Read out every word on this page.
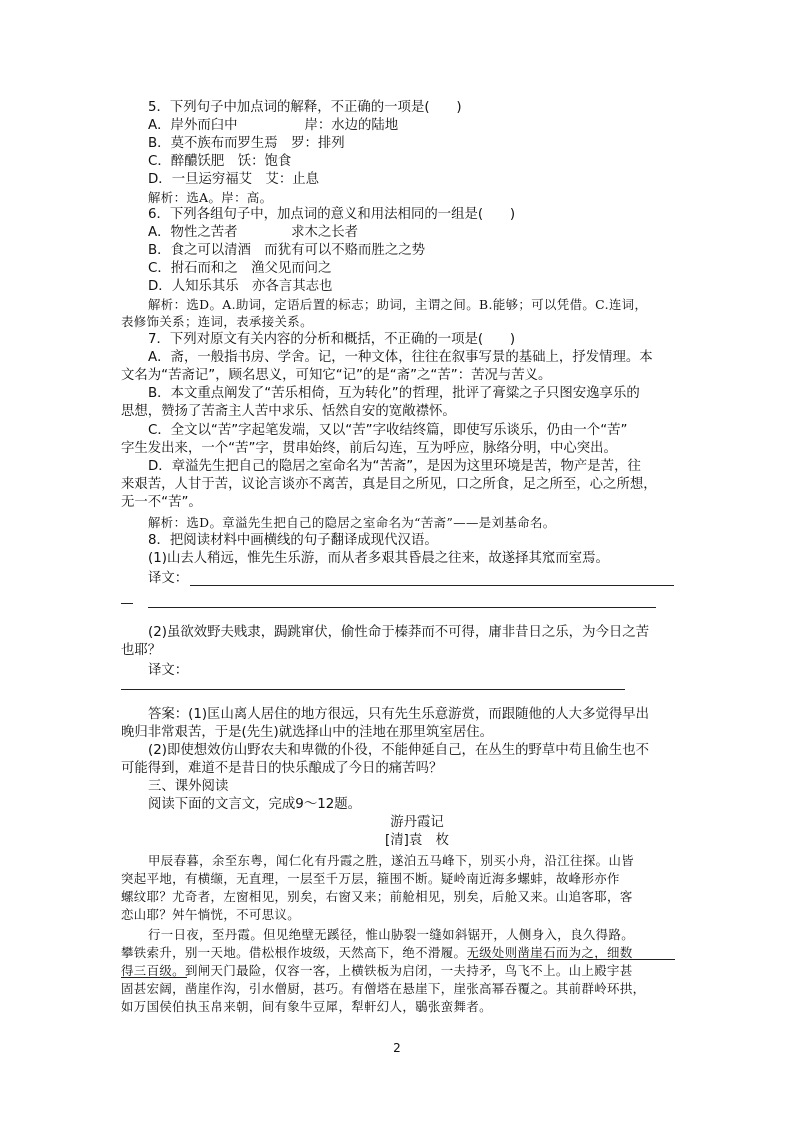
5．下列句子中加点词的解释，不正确的一项是(　　)
A．岸外而臼中　　　　　岸：水边的陆地
B．莫不族布而罗生焉　罗：排列
C．醉醲饫肥　饫：饱食
D．一旦运穷福艾　艾：止息
解析：选A。岸：高。
6．下列各组句子中，加点词的意义和用法相同的一组是(　　)
A．物性之苦者　　　　求木之长者
B．食之可以清酒　而犹有可以不赂而胜之之势
C．拊石而和之　渔父见而问之
D．人知乐其乐　亦各言其志也
解析：选D。A.助词，定语后置的标志；助词，主谓之间。B.能够；可以凭借。C.连词，
表修饰关系；连词，表承接关系。
7．下列对原文有关内容的分析和概括，不正确的一项是(　　)
A．斋，一般指书房、学舍。记，一种文体，往往在叙事写景的基础上，抒发情理。本
文名为“苦斋记”，顾名思义，可知它“记”的是“斋”之“苦”：苦况与苦义。
B．本文重点阐发了“苦乐相倚，互为转化”的哲理，批评了膏粱之子只图安逸享乐的
思想，赞扬了苦斋主人苦中求乐、恬然自安的宽敞襟怀。
C．全文以“苦”字起笔发端，又以“苦”字收结终篇，即使写乐谈乐，仍由一个“苦”
字生发出来，一个“苦”字，贯串始终，前后勾连，互为呼应，脉络分明，中心突出。
D．章溢先生把自己的隐居之室命名为“苦斋”，是因为这里环境是苦，物产是苦，往
来艰苦，人甘于苦，议论言谈亦不离苦，真是目之所见，口之所食，足之所至，心之所想，
无一不“苦”。
解析：选D。章溢先生把自己的隐居之室命名为“苦斋”——是刘基命名。
8．把阅读材料中画横线的句子翻译成现代汉语。
(1)山去人稍远，惟先生乐游，而从者多艰其昏晨之往来，故遂择其窊而室焉。
译文：
(2)虽欲效野夫贱隶，跼跳窜伏，偷性命于榛莽而不可得，庸非昔日之乐，为今日之苦
也耶？
译文：
答案：(1)匡山离人居住的地方很远，只有先生乐意游赏，而跟随他的人大多觉得早出
晚归非常艰苦，于是(先生)就选择山中的洼地在那里筑室居住。
(2)即使想效仿山野农夫和卑微的仆役，不能伸延自己，在丛生的野草中苟且偷生也不
可能得到，难道不是昔日的快乐酿成了今日的痛苦吗？
三、课外阅读
阅读下面的文言文，完成9～12题。
游丹霞记
[清]袁　枚
甲辰春暮，余至东粤，闻仁化有丹霞之胜，遂泊五马峰下，别买小舟，沿江往探。山皆
突起平地，有横缬，无直理，一层至千万层，箍围不断。疑岭南近海多螺蚌，故峰形亦作
螺纹耶？尤奇者，左窗相见，别矣，右窗又来；前舱相见，别矣，后舱又来。山追客耶，客
恋山耶？舛午惝恍，不可思议。
行一日夜，至丹霞。但见绝壁无蹊径，惟山胁裂一缝如斜锯开，人侧身入，良久得路。
攀铁索升，别一天地。借松根作坡级，天然高下，绝不滑履。无级处则凿崖石而为之，细数
得三百级。到闸天门最险，仅容一客，上横铁板为启闭，一夫持矛，鸟飞不上。山上殿宇甚
固甚宏阔，凿崖作沟，引水僧厨，甚巧。有僧塔在悬崖下，崖张高幂吞覆之。其前群岭环拱，
如万国侯伯执玉帛来朝，间有象牛豆犀，犁軒幻人，鶡张蛮舞者。
2
